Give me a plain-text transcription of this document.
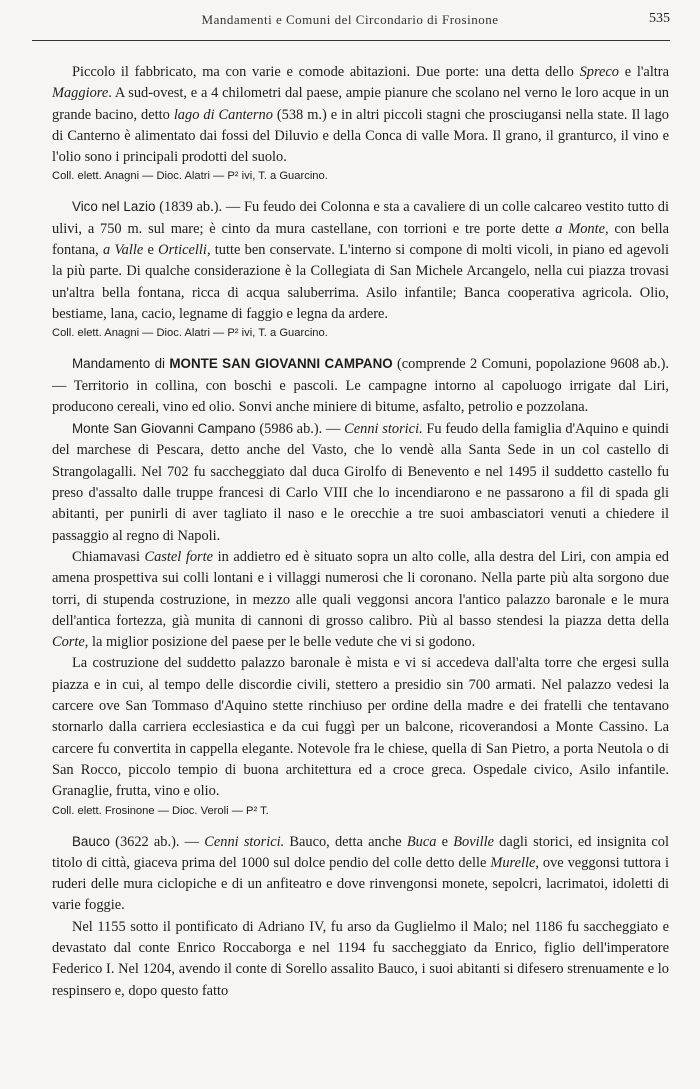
Mandamenti e Comuni del Circondario di Frosinone	535

Piccolo il fabbricato, ma con varie e comode abitazioni. Due porte: una detta dello Spreco e l'altra Maggiore. A sud-ovest, e a 4 chilometri dal paese, ampie pianure che scolano nel verno le loro acque in un grande bacino, detto lago di Canterno (538 m.) e in altri piccoli stagni che prosciugansi nella state. Il lago di Canterno è alimentato dai fossi del Diluvio e della Conca di valle Mora. Il grano, il granturco, il vino e l'olio sono i principali prodotti del suolo.

Coll. elett. Anagni — Dioc. Alatri — P² ivi, T. a Guarcino.

Vico nel Lazio (1839 ab.). — Fu feudo dei Colonna e sta a cavaliere di un colle calcareo vestito tutto di ulivi, a 750 m. sul mare; è cinto da mura castellane, con torrioni e tre porte dette a Monte, con bella fontana, a Valle e Orticelli, tutte ben conservate. L'interno si compone di molti vicoli, in piano ed agevoli la più parte. Di qualche considerazione è la Collegiata di San Michele Arcangelo, nella cui piazza trovasi un'altra bella fontana, ricca di acqua saluberrima. Asilo infantile; Banca cooperativa agricola. Olio, bestiame, lana, cacio, legname di faggio e legna da ardere.

Coll. elett. Anagni — Dioc. Alatri — P² ivi, T. a Guarcino.

Mandamento di MONTE SAN GIOVANNI CAMPANO (comprende 2 Comuni, popolazione 9608 ab.). — Territorio in collina, con boschi e pascoli. Le campagne intorno al capoluogo irrigate dal Liri, producono cereali, vino ed olio. Sonvi anche miniere di bitume, asfalto, petrolio e pozzolana.

Monte San Giovanni Campano (5986 ab.). — Cenni storici. Fu feudo della famiglia d'Aquino e quindi del marchese di Pescara, detto anche del Vasto, che lo vendè alla Santa Sede in un col castello di Strangolagalli. Nel 702 fu saccheggiato dal duca Girolfo di Benevento e nel 1495 il suddetto castello fu preso d'assalto dalle truppe francesi di Carlo VIII che lo incendiarono e ne passarono a fil di spada gli abitanti, per punirli di aver tagliato il naso e le orecchie a tre suoi ambasciatori venuti a chiedere il passaggio al regno di Napoli.

Chiamavasi Castel forte in addietro ed è situato sopra un alto colle, alla destra del Liri, con ampia ed amena prospettiva sui colli lontani e i villaggi numerosi che li coronano. Nella parte più alta sorgono due torri, di stupenda costruzione, in mezzo alle quali veggonsi ancora l'antico palazzo baronale e le mura dell'antica fortezza, già munita di cannoni di grosso calibro. Più al basso stendesi la piazza detta della Corte, la miglior posizione del paese per le belle vedute che vi si godono.

La costruzione del suddetto palazzo baronale è mista e vi si accedeva dall'alta torre che ergesi sulla piazza e in cui, al tempo delle discordie civili, stettero a presidio sin 700 armati. Nel palazzo vedesi la carcere ove San Tommaso d'Aquino stette rinchiuso per ordine della madre e dei fratelli che tentavano stornarlo dalla carriera ecclesiastica e da cui fuggì per un balcone, ricoverandosi a Monte Cassino. La carcere fu convertita in cappella elegante. Notevole fra le chiese, quella di San Pietro, a porta Neutola o di San Rocco, piccolo tempio di buona architettura ed a croce greca. Ospedale civico, Asilo infantile. Granaglie, frutta, vino e olio.

Coll. elett. Frosinone — Dioc. Veroli — P² T.

Bauco (3622 ab.). — Cenni storici. Bauco, detta anche Buca e Boville dagli storici, ed insignita col titolo di città, giaceva prima del 1000 sul dolce pendio del colle detto delle Murelle, ove veggonsi tuttora i ruderi delle mura ciclopiche e di un anfiteatro e dove rinvengonsi monete, sepolcri, lacrimatoi, idoletti di varie foggie.

Nel 1155 sotto il pontificato di Adriano IV, fu arso da Guglielmo il Malo; nel 1186 fu saccheggiato e devastato dal conte Enrico Roccaborga e nel 1194 fu saccheggiato da Enrico, figlio dell'imperatore Federico I. Nel 1204, avendo il conte di Sorello assalito Bauco, i suoi abitanti si difesero strenuamente e lo respinsero e, dopo questo fatto
